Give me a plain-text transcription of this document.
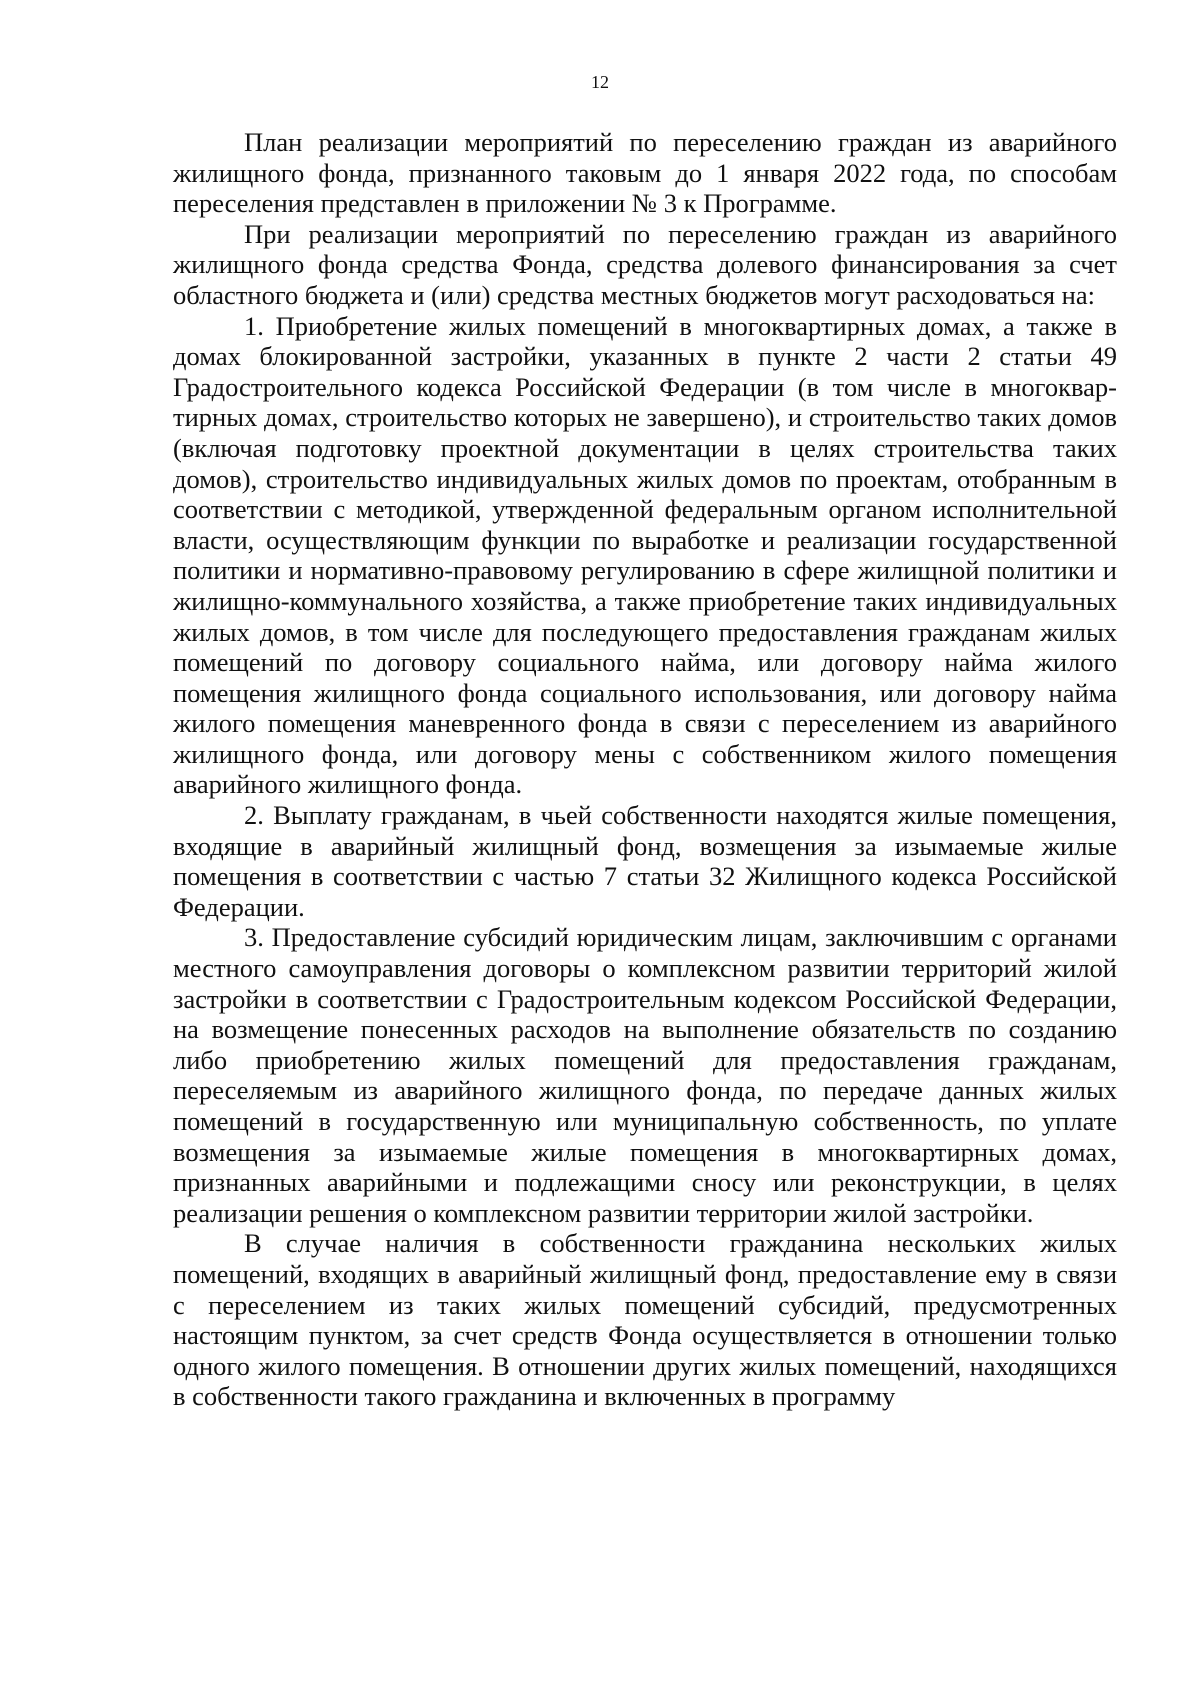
12

План реализации мероприятий по переселению граждан из аварийного жилищного фонда, признанного таковым до 1 января 2022 года, по способам переселения представлен в приложении № 3 к Программе.

При реализации мероприятий по переселению граждан из аварийного жилищного фонда средства Фонда, средства долевого финансирования за счет областного бюджета и (или) средства местных бюджетов могут расходоваться на:

1. Приобретение жилых помещений в многоквартирных домах, а также в домах блокированной застройки, указанных в пункте 2 части 2 статьи 49 Градостроительного кодекса Российской Федерации (в том числе в многоквартирных домах, строительство которых не завершено), и строительство таких домов (включая подготовку проектной документации в целях строительства таких домов), строительство индивидуальных жилых домов по проектам, отобранным в соответствии с методикой, утвержденной федеральным органом исполнительной власти, осуществляющим функции по выработке и реализации государственной политики и нормативно-правовому регулированию в сфере жилищной политики и жилищно-коммунального хозяйства, а также приобретение таких индивидуальных жилых домов, в том числе для последующего предоставления гражданам жилых помещений по договору социального найма, или договору найма жилого помещения жилищного фонда социального использования, или договору найма жилого помещения маневренного фонда в связи с переселением из аварийного жилищного фонда, или договору мены с собственником жилого помещения аварийного жилищного фонда.

2. Выплату гражданам, в чьей собственности находятся жилые помещения, входящие в аварийный жилищный фонд, возмещения за изымаемые жилые помещения в соответствии с частью 7 статьи 32 Жилищного кодекса Российской Федерации.

3. Предоставление субсидий юридическим лицам, заключившим с органами местного самоуправления договоры о комплексном развитии территорий жилой застройки в соответствии с Градостроительным кодексом Российской Федерации, на возмещение понесенных расходов на выполнение обязательств по созданию либо приобретению жилых помещений для предоставления гражданам, переселяемым из аварийного жилищного фонда, по передаче данных жилых помещений в государственную или муниципальную собственность, по уплате возмещения за изымаемые жилые помещения в многоквартирных домах, признанных аварийными и подлежащими сносу или реконструкции, в целях реализации решения о комплексном развитии территории жилой застройки.

В случае наличия в собственности гражданина нескольких жилых помещений, входящих в аварийный жилищный фонд, предоставление ему в связи с переселением из таких жилых помещений субсидий, предусмотренных настоящим пунктом, за счет средств Фонда осуществляется в отношении только одного жилого помещения. В отношении других жилых помещений, находящихся в собственности такого гражданина и включенных в программу
